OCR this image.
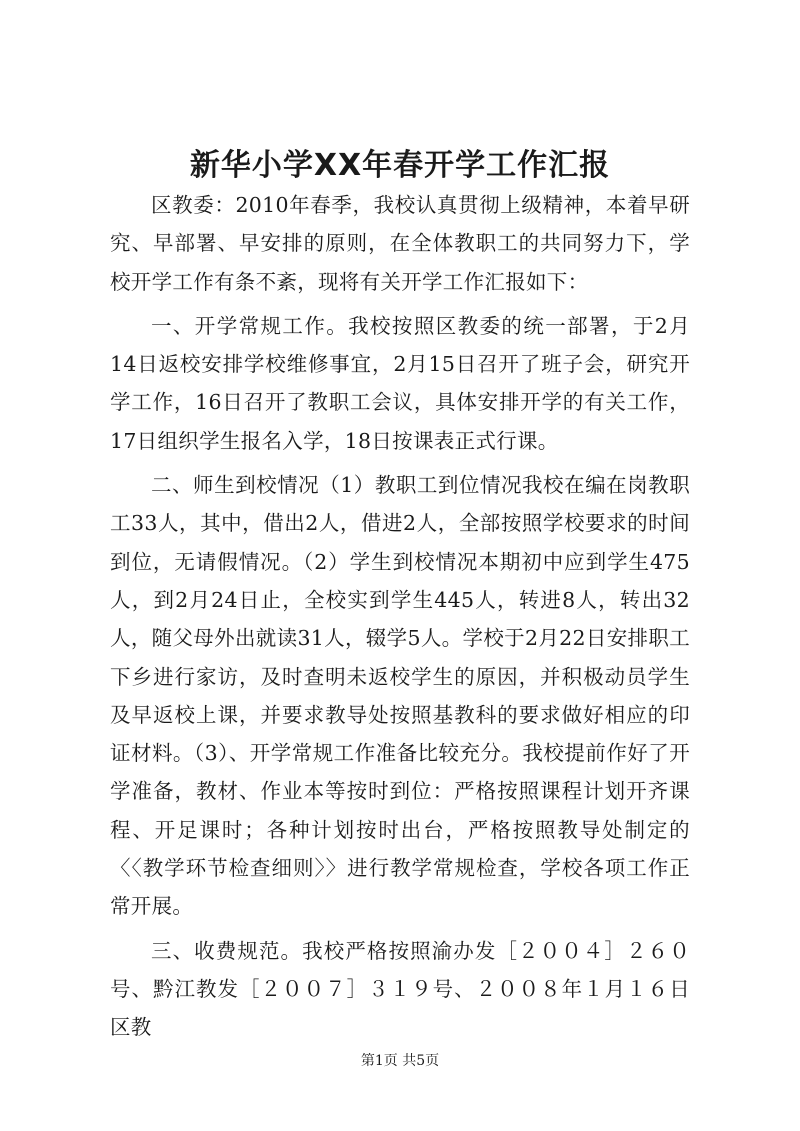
新华小学XX年春开学工作汇报

区教委：2010年春季，我校认真贯彻上级精神，本着早研究、早部署、早安排的原则，在全体教职工的共同努力下，学校开学工作有条不紊，现将有关开学工作汇报如下：

一、开学常规工作。我校按照区教委的统一部署，于2月14日返校安排学校维修事宜，2月15日召开了班子会，研究开学工作，16日召开了教职工会议，具体安排开学的有关工作，17日组织学生报名入学，18日按课表正式行课。

二、师生到校情况（1）教职工到位情况我校在编在岗教职工33人，其中，借出2人，借进2人，全部按照学校要求的时间到位，无请假情况。（2）学生到校情况本期初中应到学生475人，到2月24日止，全校实到学生445人，转进8人，转出32人，随父母外出就读31人，辍学5人。学校于2月22日安排职工下乡进行家访，及时查明未返校学生的原因，并积极动员学生及早返校上课，并要求教导处按照基教科的要求做好相应的印证材料。（3）、开学常规工作准备比较充分。我校提前作好了开学准备，教材、作业本等按时到位：严格按照课程计划开齐课程、开足课时；各种计划按时出台，严格按照教导处制定的〈〈教学环节检查细则〉〉进行教学常规检查，学校各项工作正常开展。

三、收费规范。我校严格按照渝办发［２００４］２６０号、黔江教发［２００７］３１９号、２００８年１月１６日区教

第1页 共5页
